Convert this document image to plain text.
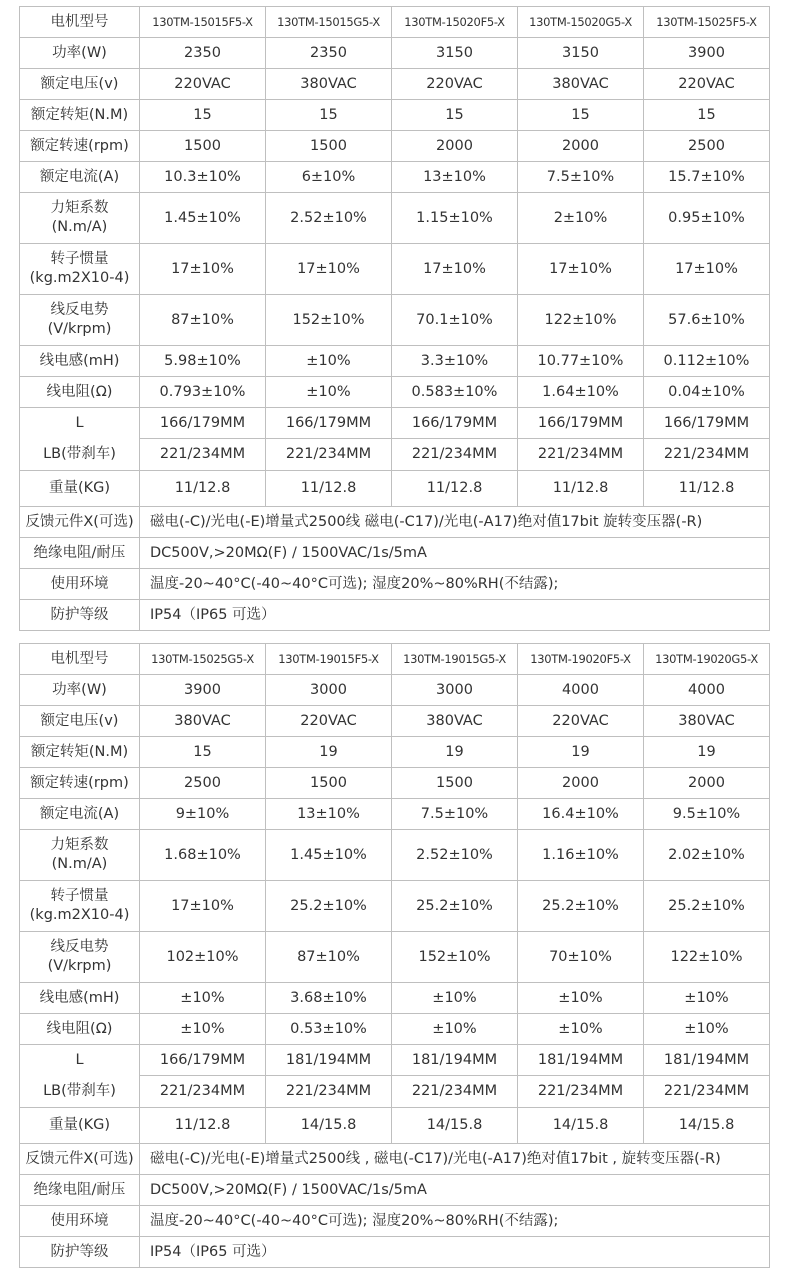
电机型号	130TM-15015F5-X	130TM-15015G5-X	130TM-15020F5-X	130TM-15020G5-X	130TM-15025F5-X
功率(W)	2350	2350	3150	3150	3900
额定电压(v)	220VAC	380VAC	220VAC	380VAC	220VAC
额定转矩(N.M)	15	15	15	15	15
额定转速(rpm)	1500	1500	2000	2000	2500
额定电流(A)	10.3±10%	6±10%	13±10%	7.5±10%	15.7±10%
力矩系数
(N.m/A)	1.45±10%	2.52±10%	1.15±10%	2±10%	0.95±10%
转子惯量
(kg.m2X10-4)	17±10%	17±10%	17±10%	17±10%	17±10%
线反电势
(V/krpm)	87±10%	152±10%	70.1±10%	122±10%	57.6±10%
线电感(mH)	5.98±10%	±10%	3.3±10%	10.77±10%	0.112±10%
线电阻(Ω)	0.793±10%	±10%	0.583±10%	1.64±10%	0.04±10%

L
LB(带刹车)	166/179MM	166/179MM	166/179MM	166/179MM	166/179MM
	221/234MM	221/234MM	221/234MM	221/234MM	221/234MM
重量(KG)	11/12.8	11/12.8	11/12.8	11/12.8	11/12.8
反馈元件X(可选)	磁电(-C)/光电(-E)增量式2500线 磁电(-C17)/光电(-A17)绝对值17bit 旋转变压器(-R)				
绝缘电阻/耐压	DC500V,>20MΩ(F) / 1500VAC/1s/5mA				
使用环境	温度-20~40°C(-40~40°C可选); 湿度20%~80%RH(不结露);				
防护等级	IP54（IP65 可选）				
电机型号	130TM-15025G5-X	130TM-19015F5-X	130TM-19015G5-X	130TM-19020F5-X	130TM-19020G5-X
功率(W)	3900	3000	3000	4000	4000
额定电压(v)	380VAC	220VAC	380VAC	220VAC	380VAC
额定转矩(N.M)	15	19	19	19	19
额定转速(rpm)	2500	1500	1500	2000	2000
额定电流(A)	9±10%	13±10%	7.5±10%	16.4±10%	9.5±10%
力矩系数
(N.m/A)	1.68±10%	1.45±10%	2.52±10%	1.16±10%	2.02±10%
转子惯量
(kg.m2X10-4)	17±10%	25.2±10%	25.2±10%	25.2±10%	25.2±10%
线反电势
(V/krpm)	102±10%	87±10%	152±10%	70±10%	122±10%
线电感(mH)	±10%	3.68±10%	±10%	±10%	±10%
线电阻(Ω)	±10%	0.53±10%	±10%	±10%	±10%

L
LB(带刹车)	166/179MM	181/194MM	181/194MM	181/194MM	181/194MM
	221/234MM	221/234MM	221/234MM	221/234MM	221/234MM
重量(KG)	11/12.8	14/15.8	14/15.8	14/15.8	14/15.8
反馈元件X(可选)	磁电(-C)/光电(-E)增量式2500线 , 磁电(-C17)/光电(-A17)绝对值17bit , 旋转变压器(-R)				
绝缘电阻/耐压	DC500V,>20MΩ(F) / 1500VAC/1s/5mA				
使用环境	温度-20~40°C(-40~40°C可选); 湿度20%~80%RH(不结露);				
防护等级	IP54（IP65 可选）				
